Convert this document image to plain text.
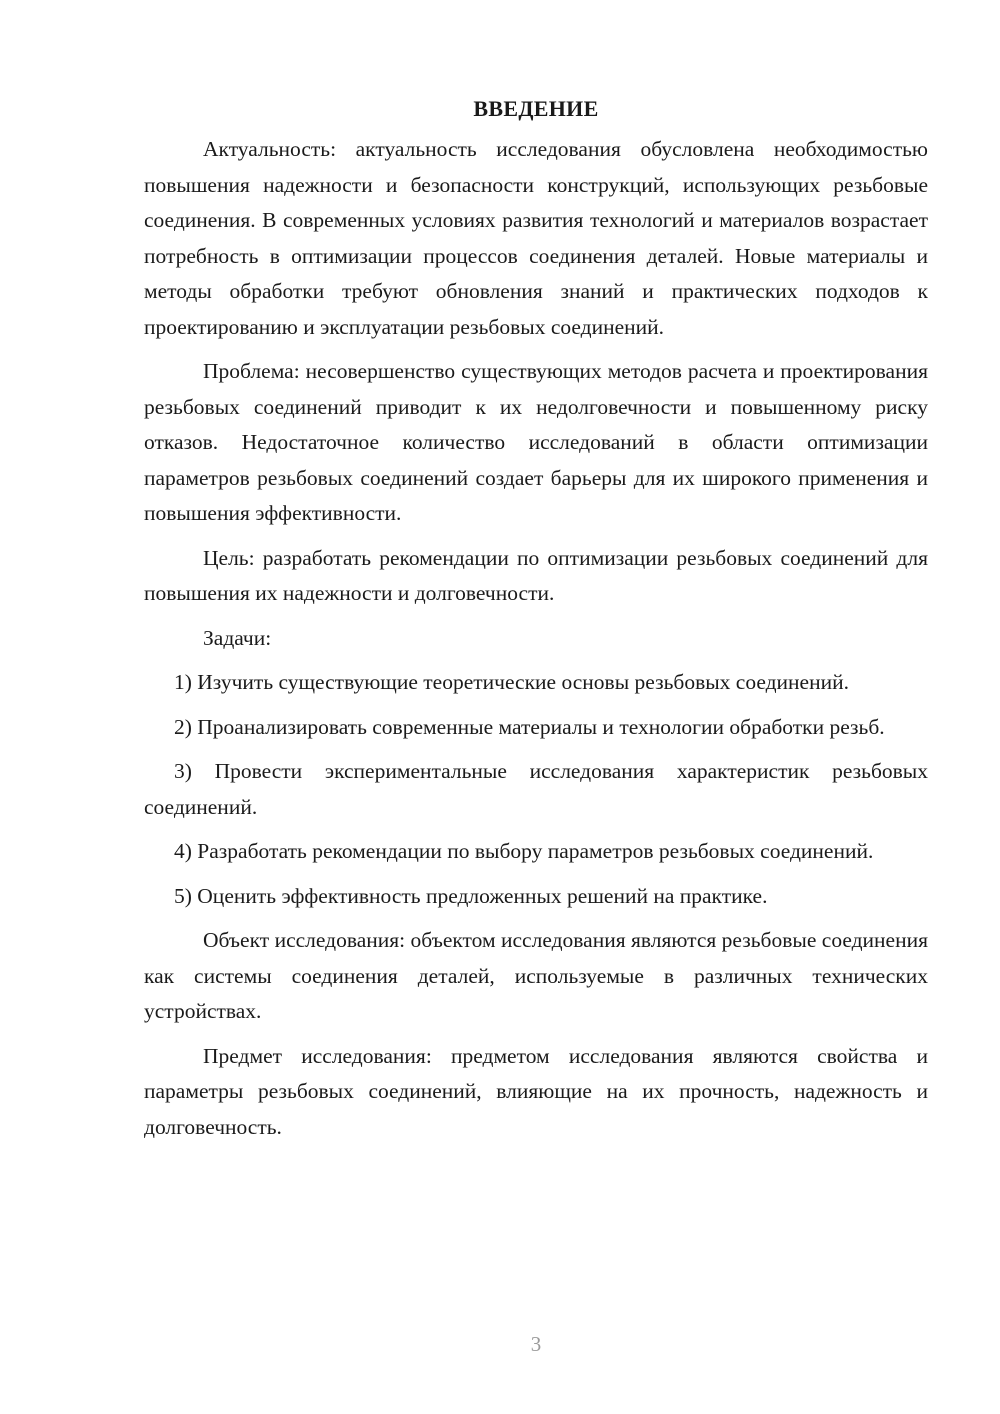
ВВЕДЕНИЕ

Актуальность: актуальность исследования обусловлена необходимостью повышения надежности и безопасности конструкций, использующих резьбовые соединения. В современных условиях развития технологий и материалов возрастает потребность в оптимизации процессов соединения деталей. Новые материалы и методы обработки требуют обновления знаний и практических подходов к проектированию и эксплуатации резьбовых соединений.

Проблема: несовершенство существующих методов расчета и проектирования резьбовых соединений приводит к их недолговечности и повышенному риску отказов. Недостаточное количество исследований в области оптимизации параметров резьбовых соединений создает барьеры для их широкого применения и повышения эффективности.

Цель: разработать рекомендации по оптимизации резьбовых соединений для повышения их надежности и долговечности.

Задачи:

1) Изучить существующие теоретические основы резьбовых соединений.

2) Проанализировать современные материалы и технологии обработки резьб.

3) Провести экспериментальные исследования характеристик резьбовых соединений.

4) Разработать рекомендации по выбору параметров резьбовых соединений.

5) Оценить эффективность предложенных решений на практике.

Объект исследования: объектом исследования являются резьбовые соединения как системы соединения деталей, используемые в различных технических устройствах.

Предмет исследования: предметом исследования являются свойства и параметры резьбовых соединений, влияющие на их прочность, надежность и долговечность.

3
